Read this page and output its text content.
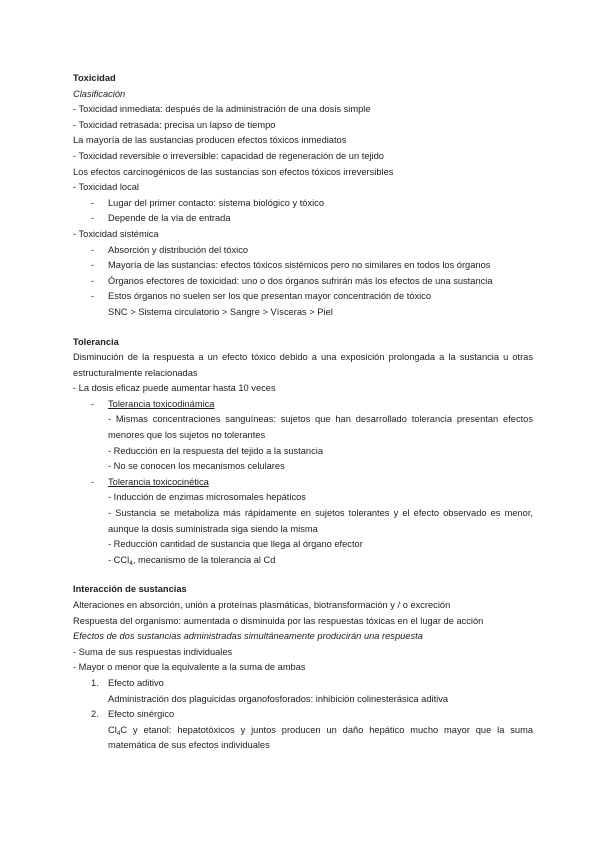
Toxicidad
Clasificación
- Toxicidad inmediata: después de la administración de una dosis simple
- Toxicidad retrasada: precisa un lapso de tiempo
La mayoría de las sustancias producen efectos tóxicos inmediatos
- Toxicidad reversible o irreversible: capacidad de regeneración de un tejido
Los efectos carcinogénicos de las sustancias son efectos tóxicos irreversibles
- Toxicidad local
- Lugar del primer contacto: sistema biológico y tóxico
- Depende de la vía de entrada
- Toxicidad sistémica
- Absorción y distribución del tóxico
- Mayoría de las sustancias: efectos tóxicos sistémicos pero no similares en todos los órganos
- Órganos efectores de toxicidad: uno o dos órganos sufrirán más los efectos de una sustancia
- Estos órganos no suelen ser los que presentan mayor concentración de tóxico
SNC > Sistema circulatorio > Sangre > Vísceras > Piel
Tolerancia
Disminución de la respuesta a un efecto tóxico debido a una exposición prolongada a la sustancia u otras estructuralmente relacionadas
- La dosis eficaz puede aumentar hasta 10 veces
- Tolerancia toxicodinámica
- Mismas concentraciones sanguíneas: sujetos que han desarrollado tolerancia presentan efectos menores que los sujetos no tolerantes
- Reducción en la respuesta del tejido a la sustancia
- No se conocen los mecanismos celulares
- Tolerancia toxicocinética
- Inducción de enzimas microsomales hepáticos
- Sustancia se metaboliza más rápidamente en sujetos tolerantes y el efecto observado es menor, aunque la dosis suministrada siga siendo la misma
- Reducción cantidad de sustancia que llega al órgano efector
- CCl$_4$, mecanismo de la tolerancia al Cd
Interacción de sustancias
Alteraciones en absorción, unión a proteínas plasmáticas, biotransformación y / o excreción
Respuesta del organismo: aumentada o disminuida por las respuestas tóxicas en el lugar de acción
Efectos de dos sustancias administradas simultáneamente producirán una respuesta
- Suma de sus respuestas individuales
- Mayor o menor que la equivalente a la suma de ambas
1. Efecto aditivo
Administración dos plaguicidas organofosforados: inhibición colinesterásica aditiva
2. Efecto sinérgico
$Cl_4C$ y etanol: hepatotóxicos y juntos producen un daño hepático mucho mayor que la suma matemática de sus efectos individuales
